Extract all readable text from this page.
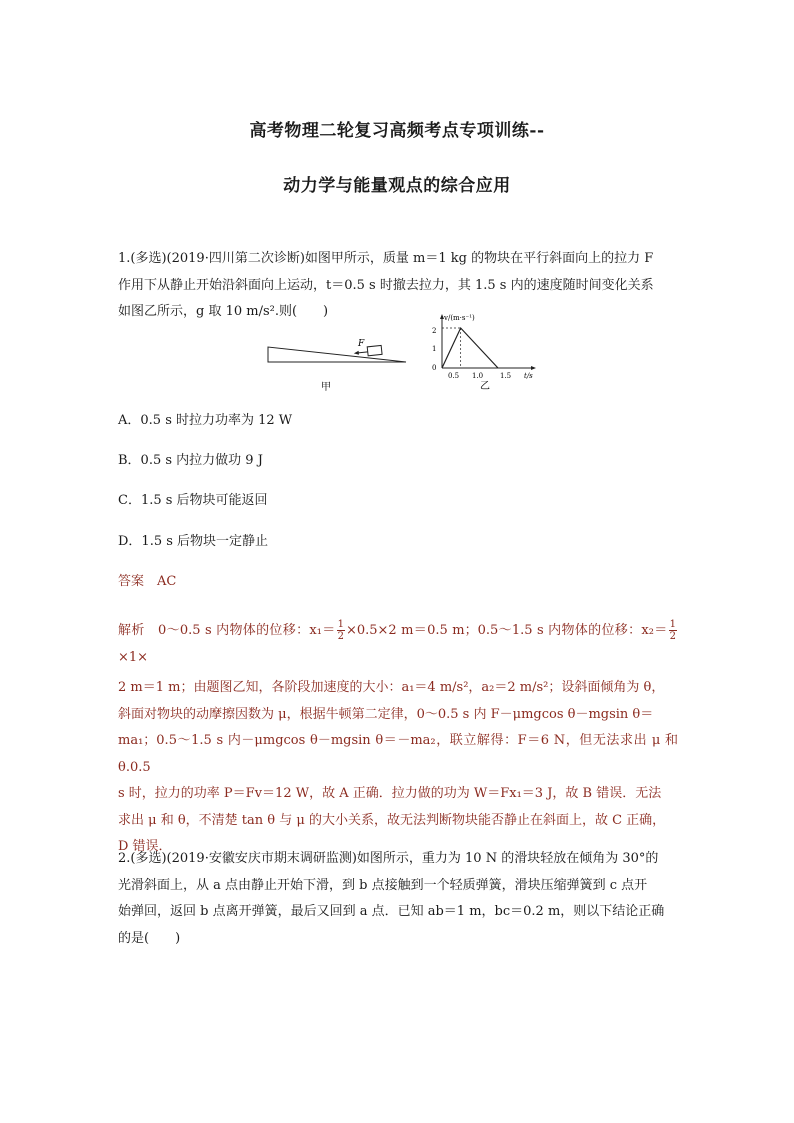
高考物理二轮复习高频考点专项训练--
动力学与能量观点的综合应用
1.(多选)(2019·四川第二次诊断)如图甲所示，质量 m＝1 kg 的物块在平行斜面向上的拉力 F
作用下从静止开始沿斜面向上运动，t＝0.5 s 时撤去拉力，其 1.5 s 内的速度随时间变化关系
如图乙所示，g 取 10 m/s².则(　　)
F
甲
v/(m·s⁻¹)
t/s
2
1
0
0.5 1.0 1.5
乙
A．0.5 s 时拉力功率为 12 W
B．0.5 s 内拉力做功 9 J
C．1.5 s 后物块可能返回
D．1.5 s 后物块一定静止
答案　AC
解析　0～0.5 s 内物体的位移：$x_1= \frac{1}{2} \times 0.5\times 2$ m＝0.5 m；0.5～1.5 s 内物体的位移：$x_2= \frac{1}{2}$
×1×
2 m＝1 m；由题图乙知，各阶段加速度的大小：a₁＝4 m/s²，a₂＝2 m/s²；设斜面倾角为 θ，
斜面对物块的动摩擦因数为 μ，根据牛顿第二定律，0～0.5 s 内 F－μmgcos θ－mgsin θ＝
ma₁；0.5～1.5 s 内－μmgcos θ－mgsin θ＝－ma₂，联立解得：F＝6 N，但无法求出 μ 和 θ.0.5
s 时，拉力的功率 P＝Fv＝12 W，故 A 正确．拉力做的功为 W＝Fx₁＝3 J，故 B 错误．无法
求出 μ 和 θ，不清楚 tan θ 与 μ 的大小关系，故无法判断物块能否静止在斜面上，故 C 正确，
D 错误．
2.(多选)(2019·安徽安庆市期末调研监测)如图所示，重力为 10 N 的滑块轻放在倾角为 30°的
光滑斜面上，从 a 点由静止开始下滑，到 b 点接触到一个轻质弹簧，滑块压缩弹簧到 c 点开
始弹回，返回 b 点离开弹簧，最后又回到 a 点．已知 ab＝1 m，bc＝0.2 m，则以下结论正确
的是(　　)
